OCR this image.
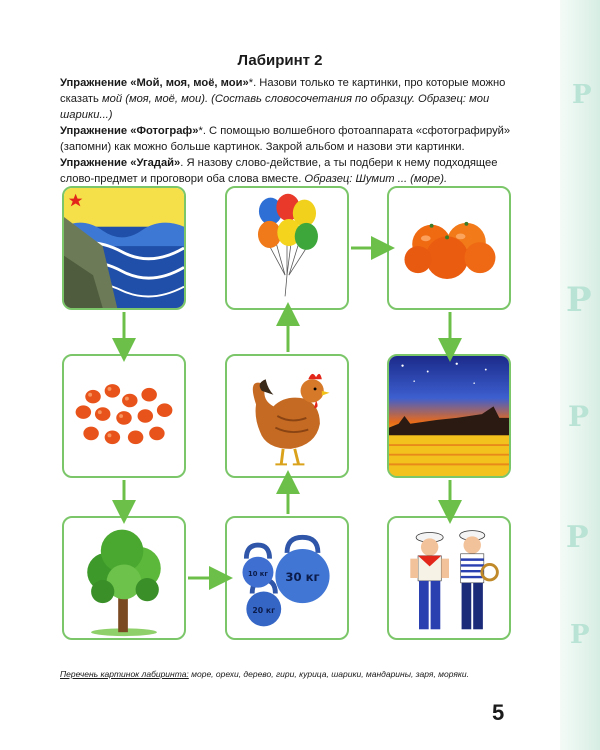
P
P
P
P
P
Лабиринт 2

Упражнение «Мой, моя, моё, мои»*. Назови только те картинки, про которые можно сказать мой (моя, моё, мои). (Составь словосочетания по образцу. Образец: мои шарики...)

Упражнение «Фотограф»*. С помощью волшебного фотоаппарата «сфотографируй» (запомни) как можно больше картинок. Закрой альбом и назови эти картинки.

Упражнение «Угадай». Я назову слово-действие, а ты подбери к нему подходящее слово-предмет и проговори оба слова вместе. Образец: Шумит ... (море).

10 кг
20 кг
30 кг
Перечень картинок лабиринта: море, орехи, дерево, гири, курица, шарики, мандарины, заря, моряки.
5
